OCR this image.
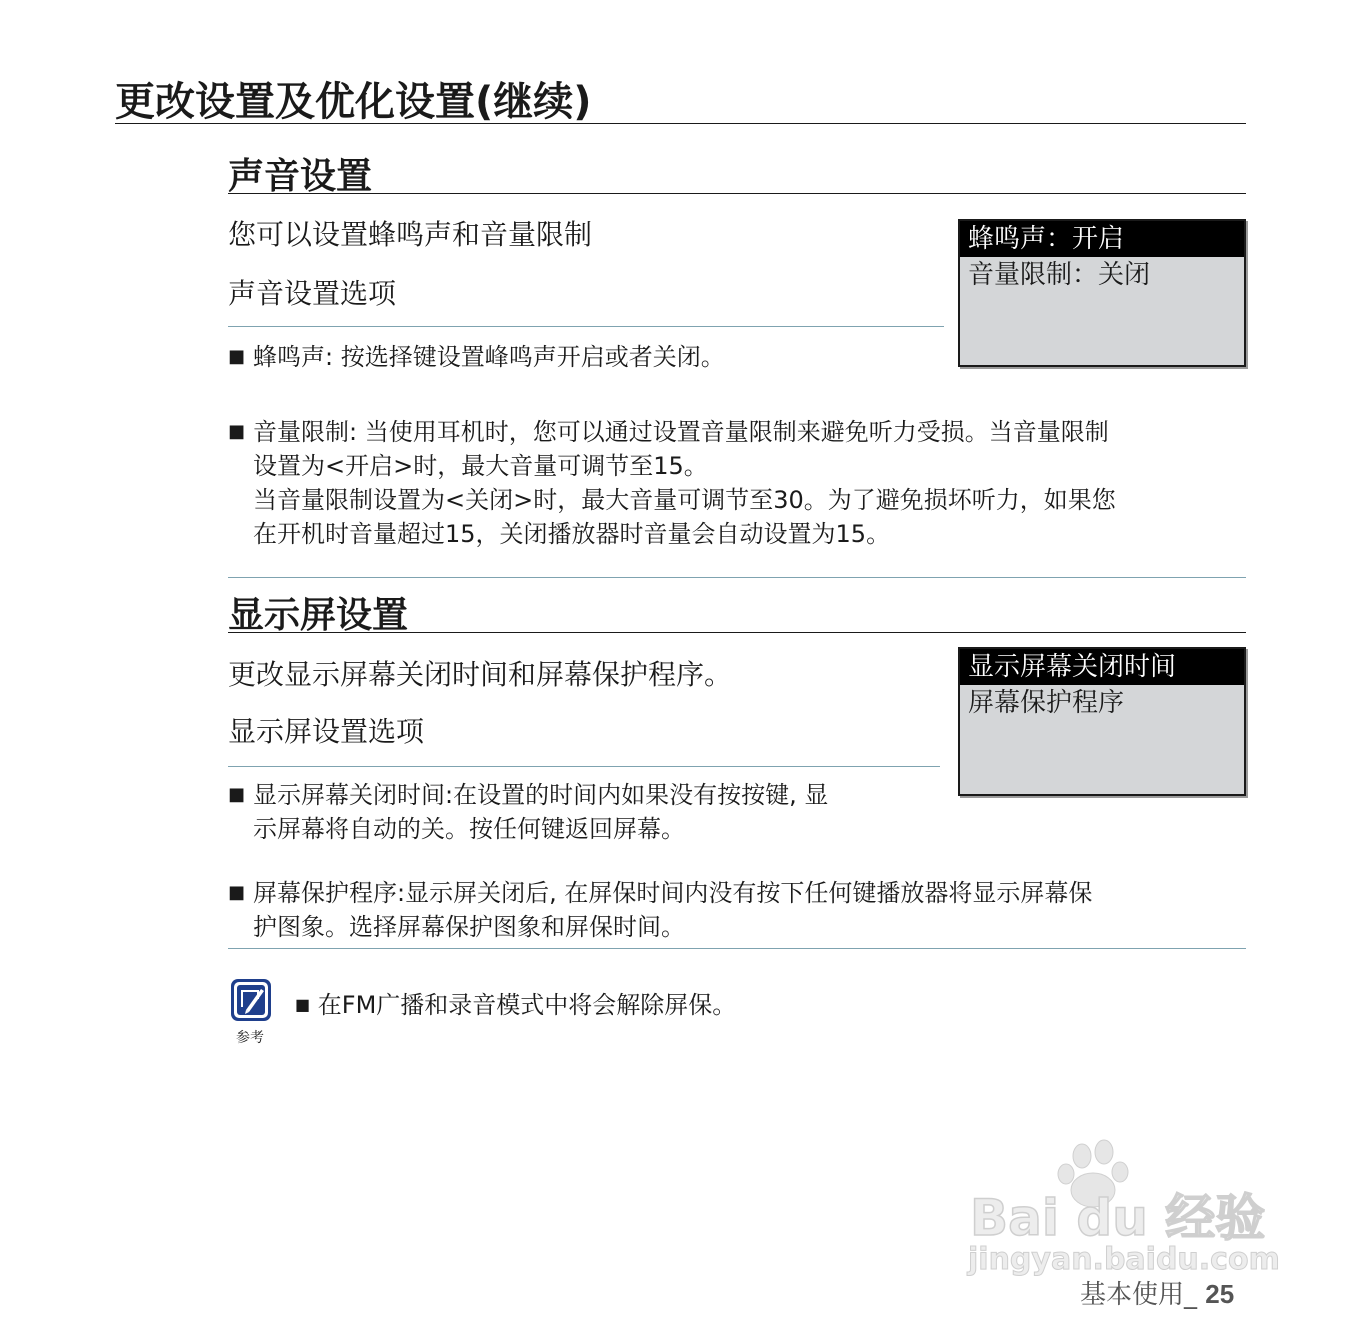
更改设置及优化设置(继续)
声音设置
您可以设置蜂鸣声和音量限制
声音设置选项
■ 蜂鸣声: 按选择键设置峰鸣声开启或者关闭。
■ 音量限制: 当使用耳机时，您可以通过设置音量限制来避免听力受损。当音量限制
设置为<开启>时，最大音量可调节至15。
当音量限制设置为<关闭>时，最大音量可调节至30。为了避免损坏听力，如果您
在开机时音量超过15，关闭播放器时音量会自动设置为15。
蜂鸣声：开启
音量限制：关闭
显示屏设置
更改显示屏幕关闭时间和屏幕保护程序。
显示屏设置选项
■ 显示屏幕关闭时间:在设置的时间内如果没有按按键, 显
示屏幕将自动的关。按任何键返回屏幕。
■ 屏幕保护程序:显示屏关闭后, 在屏保时间内没有按下任何键播放器将显示屏幕保
护图象。选择屏幕保护图象和屏保时间。
显示屏幕关闭时间
屏幕保护程序
参考
■ 在FM广播和录音模式中将会解除屏保。
Bai du 经验
jingyan.baidu.com
基本使用_ 25
